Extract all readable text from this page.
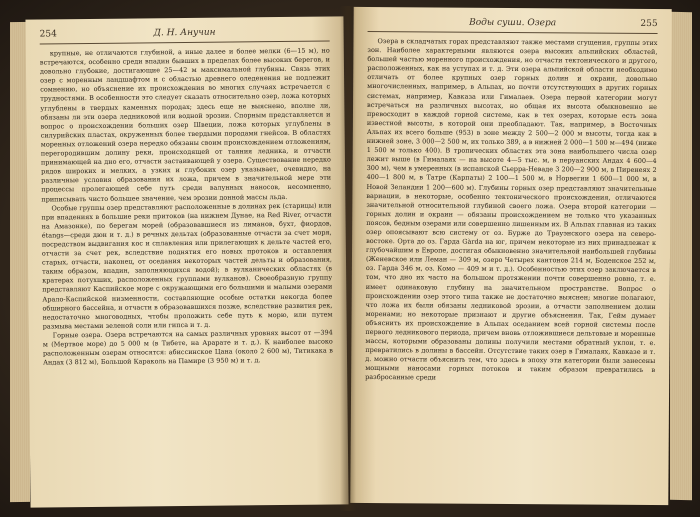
254	Д. Н. Анучин

крупные, не отличаются глубиной, а иные далее и более мелки (6—15 м), но встречаются, особенно среди впадин бывших в пределах более высоких берегов, и довольно глубокие, достигающие 25—42 м максимальной глубины. Связь этих озер с моренным ландшафтом и с областью древнего оледенения не подлежит сомнению, но объяснение их происхождения во многих случаях встречается с трудностями. В особенности это следует сказать относительно озер, ложа которых углублены в твердых каменных породах; здесь еще не выяснено, вполне ли, обязаны ли эти озера ледниковой или водной эрозии. Спорным представляется и вопрос о происхождении больших озер Швеции, ложа которых углублены в силурийских пластах, окруженных более твердыми породами гнейсов. В областях моренных отложений озера нередко обязаны своим происхождением отложениям, перегородившим долину реки, происходящей от таяния ледника, и отчасти принимающей на дно его, отчасти застаивающей у озера. Существование нередко рядов широких и мелких, а узких и глубоких озер указывает, очевидно, на различные условия образования их ложа, причем в значительной мере эти процессы пролегающей себе путь среди валунных наносов, несомненно, приписывать чисто большее значение, чем эрозии донной массы льда.

Особые группы озер представляют расположенные в долинах рек (старицы) или при впадениях в большие реки притоков (на нижнем Дунае, на Red River, отчасти на Амазонке), по берегам морей (образовавшиеся из лиманов, бухт, фиордов, étangs—среди дюн и т. д.) в речных дельтах (образованные отчасти за счет моря, посредством выдвигания кос и сплавления или прилегающих к дельте частей его, отчасти за счет рек, вследствие поднятия его новых протоков и оставления старых, отчасти, наконец, от оседания некоторых частей дельты и образования, таким образом, впадин, заполняющихся водой); в вулканических областях (в кратерах потухших, расположенных группами вулканов). Своеобразную группу представляют Каспийское море с окружающими его большими и малыми озерами Арало-Каспийской низменности, составляющие особые остатки некогда более обширного бассейна, и отчасти в образовавшихся позже, вследствие развития рек, недостаточно многоводных, чтобы проложить себе путь к морю, или путем размыва местами зеленой соли или гипса и т. д.

Горные озера. Озера встречаются на самых различных уровнях высот от —394 м (Мертвое море) до 5 000 м (в Тибете, на Арарате и т. д.). К наиболее высоко расположенным озерам относятся: абиссинское Цана (около 2 600 м), Титикака в Андах (3 812 м), Большой Караколь на Памире (3 950 м) и т. д.

Воды суши. Озера	255

Озера в складчатых горах представляют также местами сгущения, группы этих зон. Наиболее характерными являются озера высоких альпийских областей, большей частью моренного происхождения, но отчасти тектонического и другого, расположенных, как на уступах и т. д. Эти озера альпийской области необходимо отличать от более крупных озер горных долин и окраин, довольно многочисленных, например, в Альпах, но почти отсутствующих в других горных системах, например, Кавказа или Гималаев. Озера первой категории могут встречаться на различных высотах, но общая их высота обыкновенно не превосходит в каждой горной системе, как в тех озерах, которые есть зона известной высоты, в которой они преобладают. Так, например, в Восточных Альпах их всего больше (953) в зоне между 2 500—2 000 м высоты, тогда как в нижней зоне, 3 000—2 500 м, их только 389, а в нижней 2 000—1 500 м—494 (ниже 1 500 м только 400). В тропических областях эта зона наибольшего числа озер лежит выше (в Гималаях — на высоте 4—5 тыс. м, в перуанских Андах 4 600—4 300 м), чем в умеренных (в испанской Сьерра-Неваде 3 200—2 900 м, в Пиренеях 2 400—1 800 м, в Татре (Карпаты) 2 100—1 500 м, в Норвегии 1 600—1 000 м, в Новой Зеландии 1 200—600 м). Глубины горных озер представляют значительные вариации, в некоторые, особенно тектонического происхождения, отличаются значительной относительной глубиной своего ложа. Озера второй категории — горных долин и окраин — обязаны происхождением не только что указанных поясов, бедным озерами или совершенно лишенным их. В Альпах главная из таких озер опоясывают всю систему от оз. Бурже до Трауэнского озера на северо-востоке. Орта до оз. Гарда Gàrda на юг, причем некоторые из них принадлежат к глубочайшим в Европе, достигая обыкновенно значительной наибольшей глубины (Женевское или Леман — 309 м, озеро Четырех кантонов 214 м, Боденское 252 м, оз. Гарда 346 м, оз. Комо — 409 м и т. д.). Особенностью этих озер заключается в том, что дно их часто на большом протяжении почти совершенно ровно, т. е. имеет одинаковую глубину на значительном пространстве. Вопрос о происхождении озер этого типа также не достаточно выяснен; многие полагают, что ложа их были обязаны ледниковой эрозии, а отчасти заполнением долин моренами; но некоторые признают и другие объяснения. Так, Гейм думает объяснить их происхождение в Альпах оседанием всей горной системы после первого ледникового периода, причем вновь отложившиеся дельтовые и моренные массы, которыми образованы долины получили местами обратный уклон, т. е. превратились в долины в бассейн. Отсутствие таких озер в Гималаях, Кавказе и т. д. можно отчасти объяснить тем, что здесь в эпоху эти категории были занесены мощными наносами горных потоков и таким образом превратились в разбросанные среди
